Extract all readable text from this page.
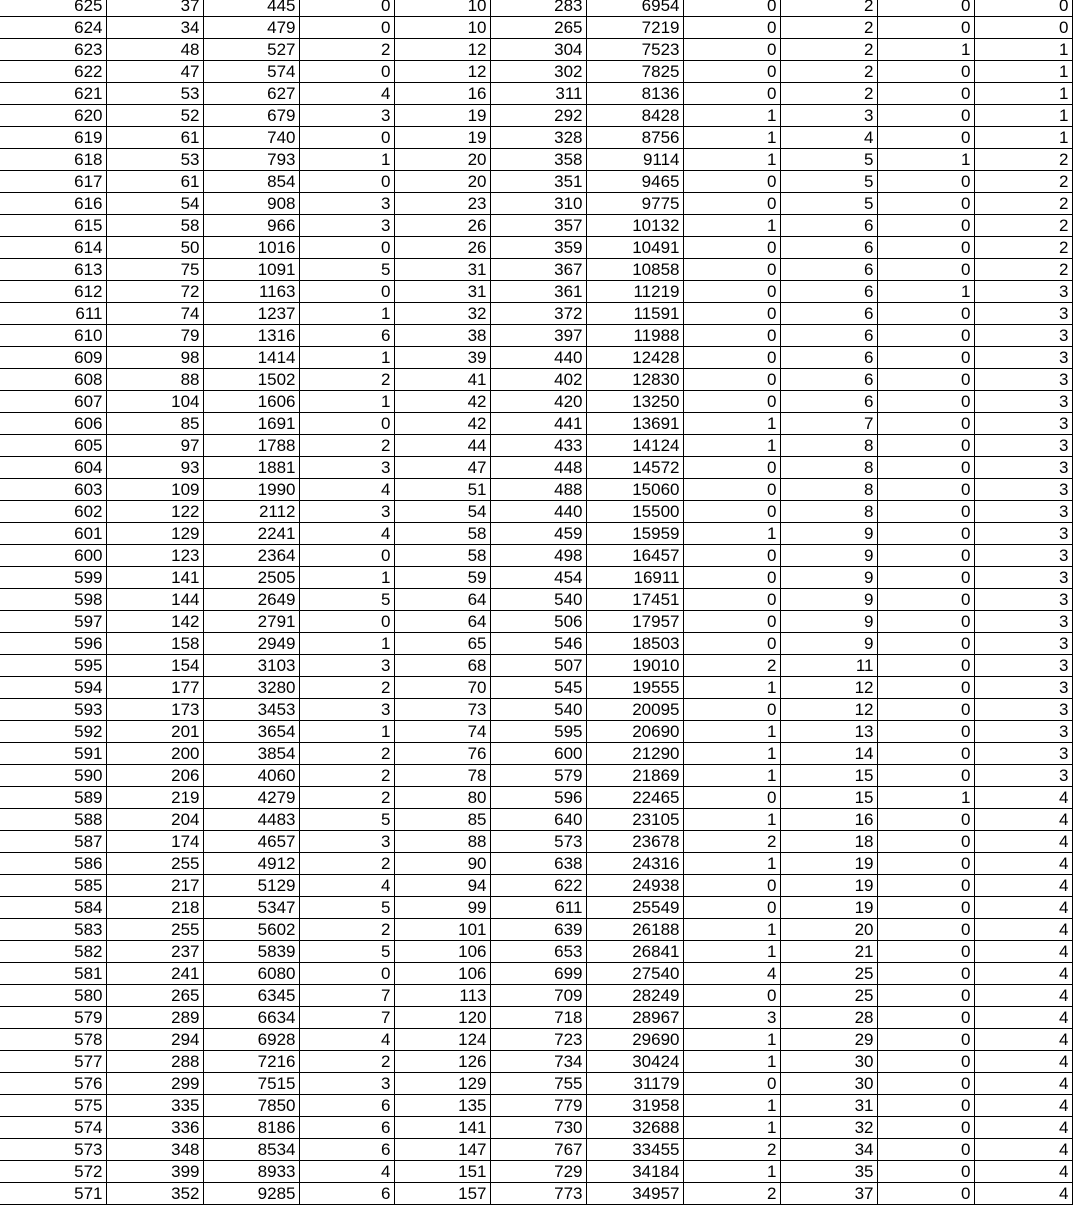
625	37	445	0	10	283	6954	0	2	0	0
624	34	479	0	10	265	7219	0	2	0	0
623	48	527	2	12	304	7523	0	2	1	1
622	47	574	0	12	302	7825	0	2	0	1
621	53	627	4	16	311	8136	0	2	0	1
620	52	679	3	19	292	8428	1	3	0	1
619	61	740	0	19	328	8756	1	4	0	1
618	53	793	1	20	358	9114	1	5	1	2
617	61	854	0	20	351	9465	0	5	0	2
616	54	908	3	23	310	9775	0	5	0	2
615	58	966	3	26	357	10132	1	6	0	2
614	50	1016	0	26	359	10491	0	6	0	2
613	75	1091	5	31	367	10858	0	6	0	2
612	72	1163	0	31	361	11219	0	6	1	3
611	74	1237	1	32	372	11591	0	6	0	3
610	79	1316	6	38	397	11988	0	6	0	3
609	98	1414	1	39	440	12428	0	6	0	3
608	88	1502	2	41	402	12830	0	6	0	3
607	104	1606	1	42	420	13250	0	6	0	3
606	85	1691	0	42	441	13691	1	7	0	3
605	97	1788	2	44	433	14124	1	8	0	3
604	93	1881	3	47	448	14572	0	8	0	3
603	109	1990	4	51	488	15060	0	8	0	3
602	122	2112	3	54	440	15500	0	8	0	3
601	129	2241	4	58	459	15959	1	9	0	3
600	123	2364	0	58	498	16457	0	9	0	3
599	141	2505	1	59	454	16911	0	9	0	3
598	144	2649	5	64	540	17451	0	9	0	3
597	142	2791	0	64	506	17957	0	9	0	3
596	158	2949	1	65	546	18503	0	9	0	3
595	154	3103	3	68	507	19010	2	11	0	3
594	177	3280	2	70	545	19555	1	12	0	3
593	173	3453	3	73	540	20095	0	12	0	3
592	201	3654	1	74	595	20690	1	13	0	3
591	200	3854	2	76	600	21290	1	14	0	3
590	206	4060	2	78	579	21869	1	15	0	3
589	219	4279	2	80	596	22465	0	15	1	4
588	204	4483	5	85	640	23105	1	16	0	4
587	174	4657	3	88	573	23678	2	18	0	4
586	255	4912	2	90	638	24316	1	19	0	4
585	217	5129	4	94	622	24938	0	19	0	4
584	218	5347	5	99	611	25549	0	19	0	4
583	255	5602	2	101	639	26188	1	20	0	4
582	237	5839	5	106	653	26841	1	21	0	4
581	241	6080	0	106	699	27540	4	25	0	4
580	265	6345	7	113	709	28249	0	25	0	4
579	289	6634	7	120	718	28967	3	28	0	4
578	294	6928	4	124	723	29690	1	29	0	4
577	288	7216	2	126	734	30424	1	30	0	4
576	299	7515	3	129	755	31179	0	30	0	4
575	335	7850	6	135	779	31958	1	31	0	4
574	336	8186	6	141	730	32688	1	32	0	4
573	348	8534	6	147	767	33455	2	34	0	4
572	399	8933	4	151	729	34184	1	35	0	4
571	352	9285	6	157	773	34957	2	37	0	4
